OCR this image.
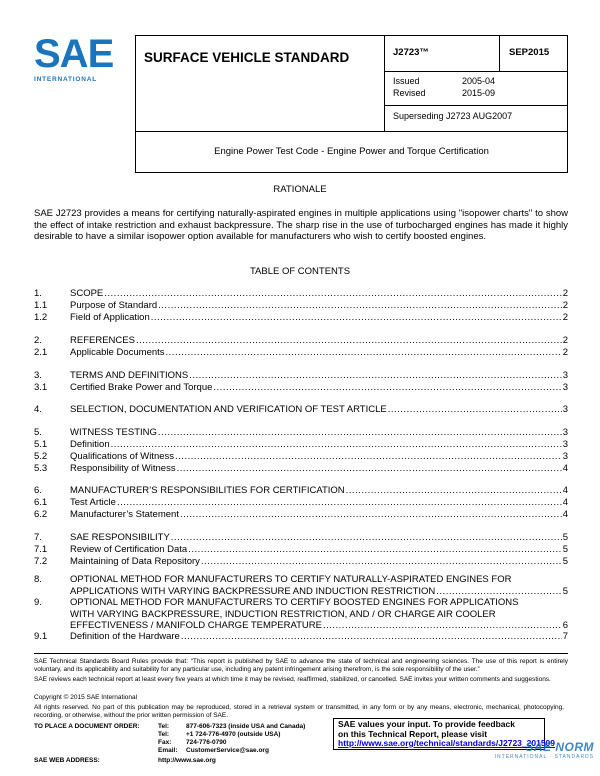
SAE
INTERNATIONAL
SURFACE VEHICLE STANDARD	J2723™	SEP2015
Issued	2005-04
Revised	2015-09
Superseding J2723 AUG2007
Engine Power Test Code - Engine Power and Torque Certification
RATIONALE
SAE J2723 provides a means for certifying naturally-aspirated engines in multiple applications using "isopower charts" to show the effect of intake restriction and exhaust backpressure. The sharp rise in the use of turbocharged engines has made it highly desirable to have a similar isopower option available for manufacturers who wish to certify boosted engines.
TABLE OF CONTENTS
1.	SCOPE .....	2
1.1 Purpose of Standard .....	2
1.2 Field of Application .....	2
2.	REFERENCES .....	2
2.1 Applicable Documents .....	2
3.	TERMS AND DEFINITIONS .....	3
3.1 Certified Brake Power and Torque .....	3
4.	SELECTION, DOCUMENTATION AND VERIFICATION OF TEST ARTICLE .....	3
5.	WITNESS TESTING .....	3
5.1 Definition .....	3
5.2 Qualifications of Witness .....	3
5.3 Responsibility of Witness .....	4
6.	MANUFACTURER’S RESPONSIBILITIES FOR CERTIFICATION .....	4
6.1 Test Article .....	4
6.2 Manufacturer’s Statement .....	4
7.	SAE RESPONSIBILITY .....	5
7.1 Review of Certification Data .....	5
7.2 Maintaining of Data Repository .....	5
8.	OPTIONAL METHOD FOR MANUFACTURERS TO CERTIFY NATURALLY-ASPIRATED ENGINES FOR
APPLICATIONS WITH VARYING BACKPRESSURE AND INDUCTION RESTRICTION .....	5
9.	OPTIONAL METHOD FOR MANUFACTURERS TO CERTIFY BOOSTED ENGINES FOR APPLICATIONS
WITH VARYING BACKPRESSURE, INDUCTION RESTRICTION, AND / OR CHARGE AIR COOLER
EFFECTIVENESS / MANIFOLD CHARGE TEMPERATURE .....	6
9.1 Definition of the Hardware .....	7
SAE Technical Standards Board Rules provide that: “This report is published by SAE to advance the state of technical and engineering sciences. The use of this report is entirely voluntary, and its applicability and suitability for any particular use, including any patent infringement arising therefrom, is the sole responsibility of the user.”
SAE reviews each technical report at least every five years at which time it may be revised, reaffirmed, stabilized, or cancelled. SAE invites your written comments and suggestions.
Copyright © 2015 SAE International
All rights reserved. No part of this publication may be reproduced, stored in a retrieval system or transmitted, in any form or by any means, electronic, mechanical, photocopying, recording, or otherwise, without the prior written permission of SAE.
TO PLACE A DOCUMENT ORDER:	Tel:	877-606-7323 (inside USA and Canada)
Tel:	+1 724-776-4970 (outside USA)
Fax: 724-776-0790
Email: CustomerService@sae.org
SAE WEB ADDRESS:	http://www.sae.org
SAE values your input. To provide feedback
on this Technical Report, please visit
http://www.sae.org/technical/standards/J2723_201509
SAE NORM
INTERNATIONAL · STANDARDS
